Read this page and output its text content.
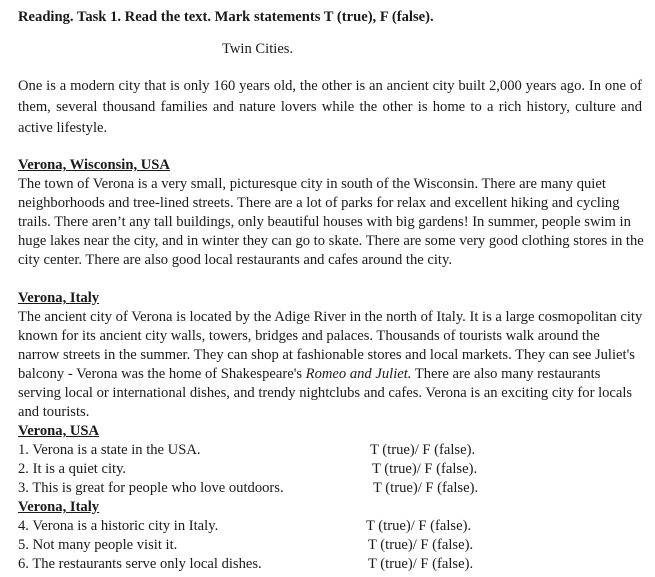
Reading. Task 1. Read the text. Mark statements T (true), F (false).
Twin Cities.
One is a modern city that is only 160 years old, the other is an ancient city built 2,000 years ago. In one of them, several thousand families and nature lovers while the other is home to a rich history, culture and active lifestyle.
Verona, Wisconsin, USA

The town of Verona is a very small, picturesque city in south of the Wisconsin. There are many quiet neighborhoods and tree-lined streets. There are a lot of parks for relax and excellent hiking and cycling trails. There aren’t any tall buildings, only beautiful houses with big gardens! In summer, people swim in huge lakes near the city, and in winter they can go to skate. There are some very good clothing stores in the city center. There are also good local restaurants and cafes around the city.

Verona, Italy

The ancient city of Verona is located by the Adige River in the north of Italy. It is a large cosmopolitan city known for its ancient city walls, towers, bridges and palaces. Thousands of tourists walk around the narrow streets in the summer. They can shop at fashionable stores and local markets. They can see Juliet's balcony - Verona was the home of Shakespeare's Romeo and Juliet. There are also many restaurants serving local or international dishes, and trendy nightclubs and cafes. Verona is an exciting city for locals and tourists.

Verona, USA
1. Verona is a state in the USA.	T (true)/ F (false).
2. It is a quiet city.	T (true)/ F (false).
3. This is great for people who love outdoors.	T (true)/ F (false).
Verona, Italy
4. Verona is a historic city in Italy.	T (true)/ F (false).
5. Not many people visit it.	T (true)/ F (false).
6. The restaurants serve only local dishes.	T (true)/ F (false).
